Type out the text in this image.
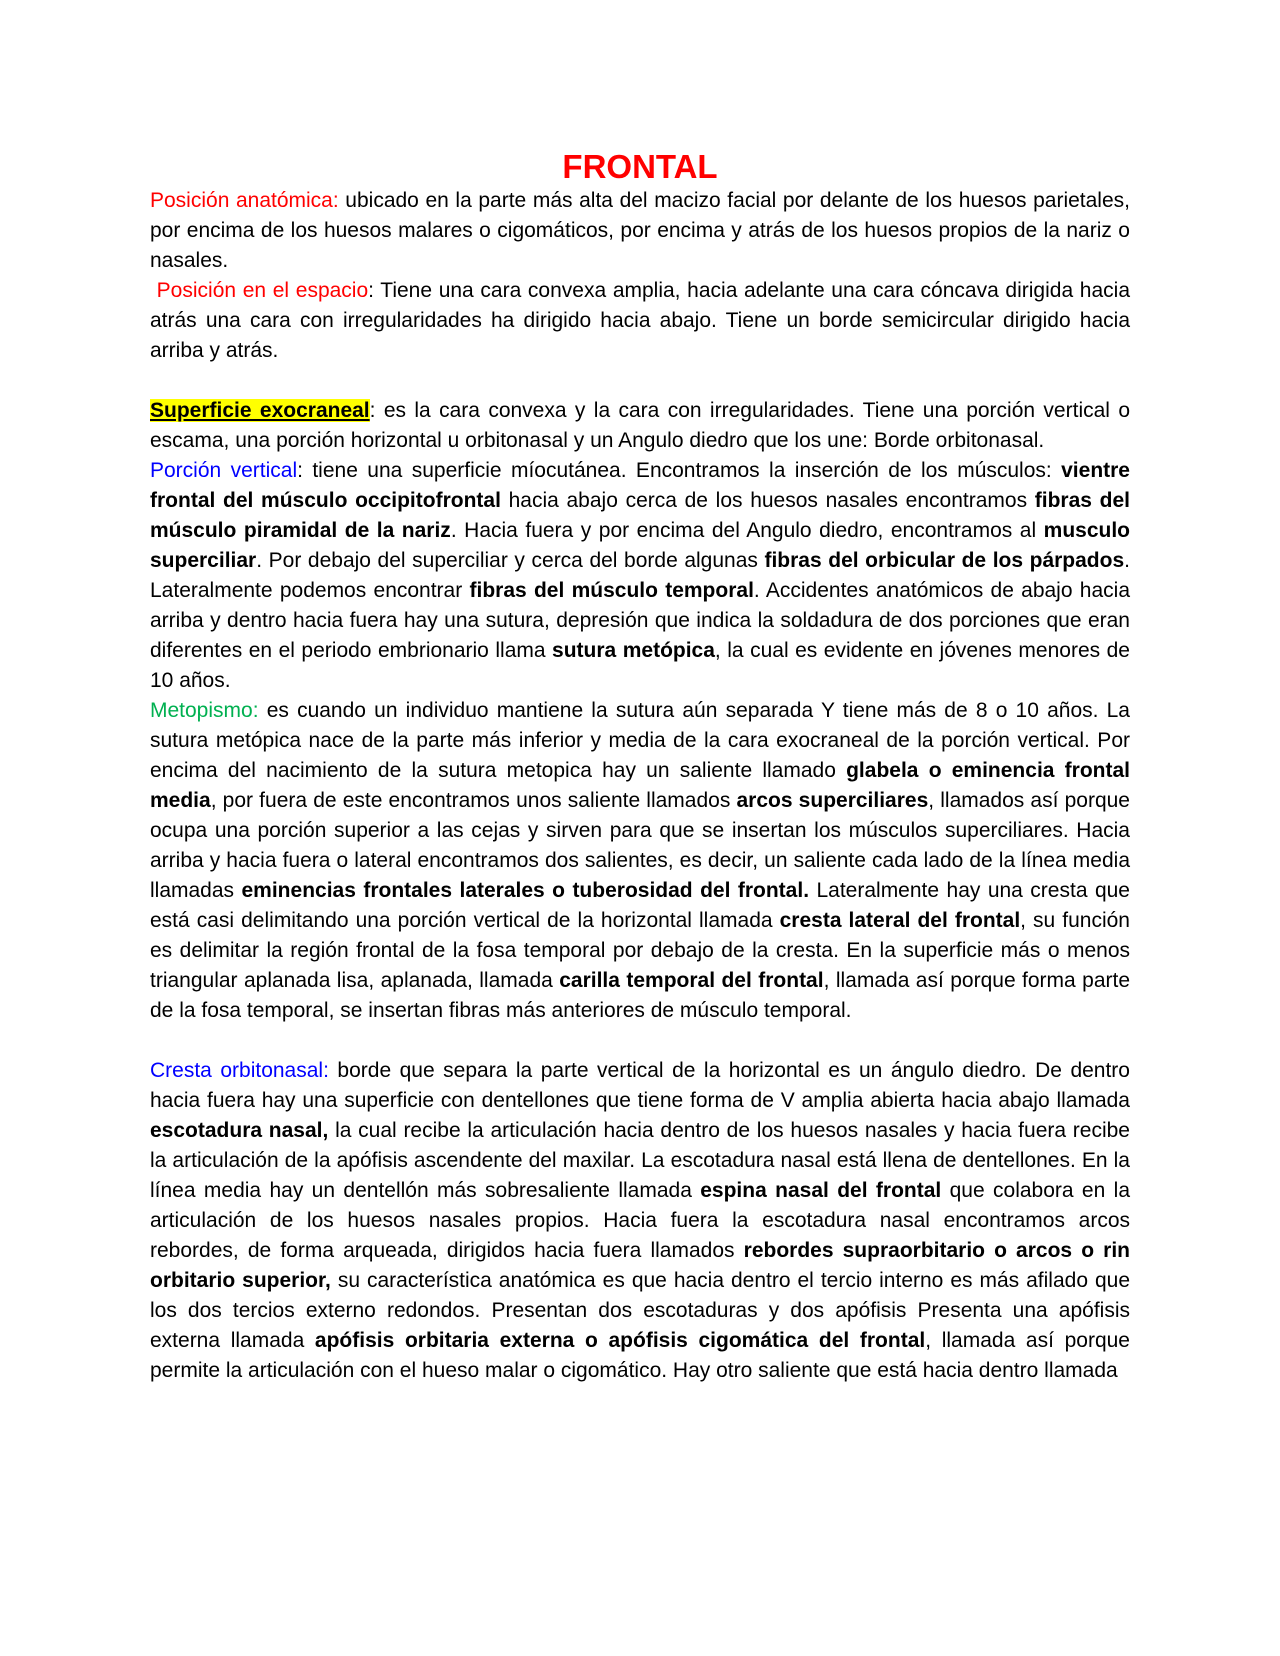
FRONTAL

Posición anatómica: ubicado en la parte más alta del macizo facial por delante de los huesos parietales, por encima de los huesos malares o cigomáticos, por encima y atrás de los huesos propios de la nariz o nasales.

Posición en el espacio: Tiene una cara convexa amplia, hacia adelante una cara cóncava dirigida hacia atrás una cara con irregularidades ha dirigido hacia abajo. Tiene un borde semicircular dirigido hacia arriba y atrás.

Superficie exocraneal: es la cara convexa y la cara con irregularidades. Tiene una porción vertical o escama, una porción horizontal u orbitonasal y un Angulo diedro que los une: Borde orbitonasal.

Porción vertical: tiene una superficie míocutánea. Encontramos la inserción de los músculos: vientre frontal del músculo occipitofrontal hacia abajo cerca de los huesos nasales encontramos fibras del músculo piramidal de la nariz. Hacia fuera y por encima del Angulo diedro, encontramos al musculo superciliar. Por debajo del superciliar y cerca del borde algunas fibras del orbicular de los párpados. Lateralmente podemos encontrar fibras del músculo temporal. Accidentes anatómicos de abajo hacia arriba y dentro hacia fuera hay una sutura, depresión que indica la soldadura de dos porciones que eran diferentes en el periodo embrionario llama sutura metópica, la cual es evidente en jóvenes menores de 10 años.

Metopismo: es cuando un individuo mantiene la sutura aún separada Y tiene más de 8 o 10 años. La sutura metópica nace de la parte más inferior y media de la cara exocraneal de la porción vertical. Por encima del nacimiento de la sutura metopica hay un saliente llamado glabela o eminencia frontal media, por fuera de este encontramos unos saliente llamados arcos superciliares, llamados así porque ocupa una porción superior a las cejas y sirven para que se insertan los músculos superciliares. Hacia arriba y hacia fuera o lateral encontramos dos salientes, es decir, un saliente cada lado de la línea media llamadas eminencias frontales laterales o tuberosidad del frontal. Lateralmente hay una cresta que está casi delimitando una porción vertical de la horizontal llamada cresta lateral del frontal, su función es delimitar la región frontal de la fosa temporal por debajo de la cresta. En la superficie más o menos triangular aplanada lisa, aplanada, llamada carilla temporal del frontal, llamada así porque forma parte de la fosa temporal, se insertan fibras más anteriores de músculo temporal.

Cresta orbitonasal: borde que separa la parte vertical de la horizontal es un ángulo diedro. De dentro hacia fuera hay una superficie con dentellones que tiene forma de V amplia abierta hacia abajo llamada escotadura nasal, la cual recibe la articulación hacia dentro de los huesos nasales y hacia fuera recibe la articulación de la apófisis ascendente del maxilar. La escotadura nasal está llena de dentellones. En la línea media hay un dentellón más sobresaliente llamada espina nasal del frontal que colabora en la articulación de los huesos nasales propios. Hacia fuera la escotadura nasal encontramos arcos rebordes, de forma arqueada, dirigidos hacia fuera llamados rebordes supraorbitario o arcos o rin orbitario superior, su característica anatómica es que hacia dentro el tercio interno es más afilado que los dos tercios externo redondos. Presentan dos escotaduras y dos apófisis Presenta una apófisis externa llamada apófisis orbitaria externa o apófisis cigomática del frontal, llamada así porque permite la articulación con el hueso malar o cigomático. Hay otro saliente que está hacia dentro llamada
